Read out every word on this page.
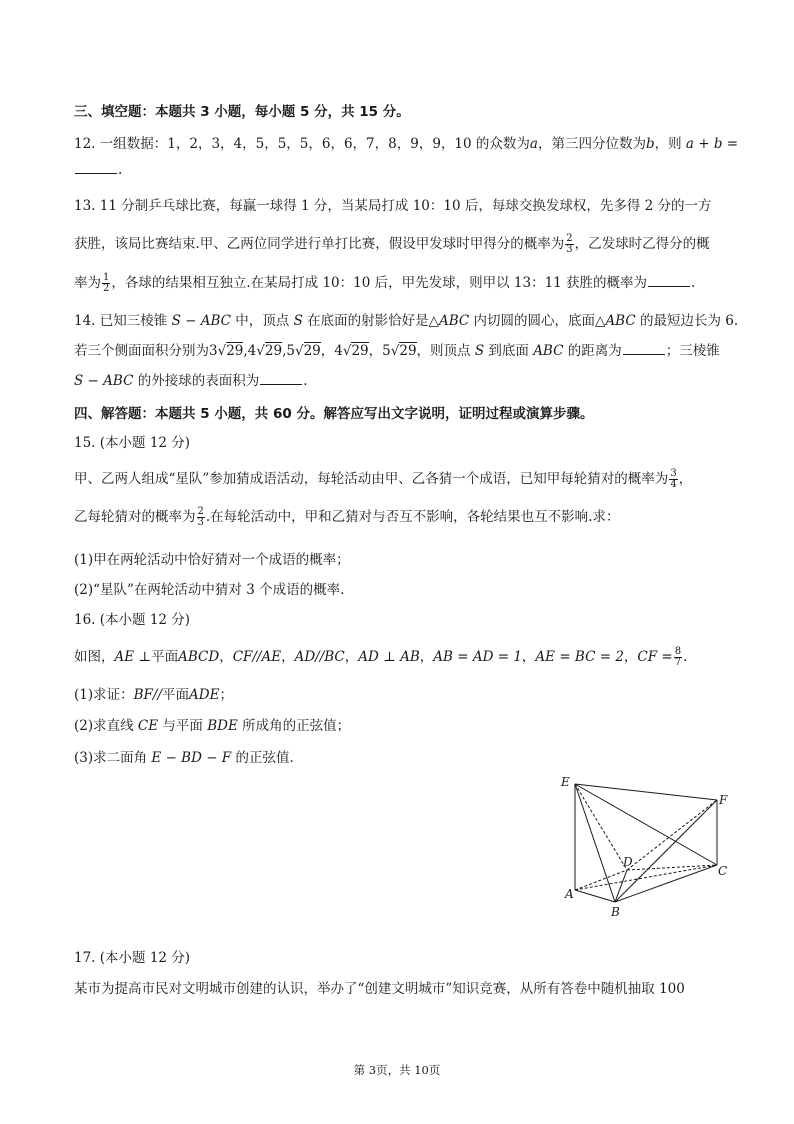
三、填空题：本题共 3 小题，每小题 5 分，共 15 分。
12. 一组数据：1，2，3，4，5，5，5，6，6，7，8，9，9，10 的众数为a，第三四分位数为b，则 a + b =
.
13. 11 分制乒乓球比赛，每赢一球得 1 分，当某局打成 10：10 后，每球交换发球权，先多得 2 分的一方
获胜，该局比赛结束.甲、乙两位同学进行单打比赛，假设甲发球时甲得分的概率为 $\frac{2}{3}$ ，乙发球时乙得分的概
率为 $\frac{1}{2}$ ，各球的结果相互独立.在某局打成 10：10 后，甲先发球，则甲以 13：11 获胜的概率为	.
14. 已知三棱锥 S − ABC 中，顶点 S 在底面的射影恰好是△ABC 内切圆的圆心，底面△ABC 的最短边长为 6.
若三个侧面面积分别为3√29,4√29,5√29，4√29，5√29，则顶点 S 到底面 ABC 的距离为	；三棱锥
S − ABC 的外接球的表面积为	.
四、解答题：本题共 5 小题，共 60 分。解答应写出文字说明，证明过程或演算步骤。
15. (本小题 12 分)
甲、乙两人组成“星队”参加猜成语活动，每轮活动由甲、乙各猜一个成语，已知甲每轮猜对的概率为 $\frac{3}{4}$ ，
乙每轮猜对的概率为 $\frac{2}{3}$ .在每轮活动中，甲和乙猜对与否互不影响，各轮结果也互不影响.求：
(1)甲在两轮活动中恰好猜对一个成语的概率；
(2)“星队”在两轮活动中猜对 3 个成语的概率.
16. (本小题 12 分)
如图，AE ⊥平面ABCD，CF//AE，AD//BC，AD ⊥ AB，AB = AD = 1，AE = BC = 2，CF = $\frac{8}{7}$ .
(1)求证：BF//平面ADE；
(2)求直线 CE 与平面 BDE 所成角的正弦值；
(3)求二面角 E − BD − F 的正弦值.
E
F
D
C
A
B
17. (本小题 12 分)
某市为提高市民对文明城市创建的认识，举办了“创建文明城市”知识竞赛，从所有答卷中随机抽取 100
第 3页，共 10页
